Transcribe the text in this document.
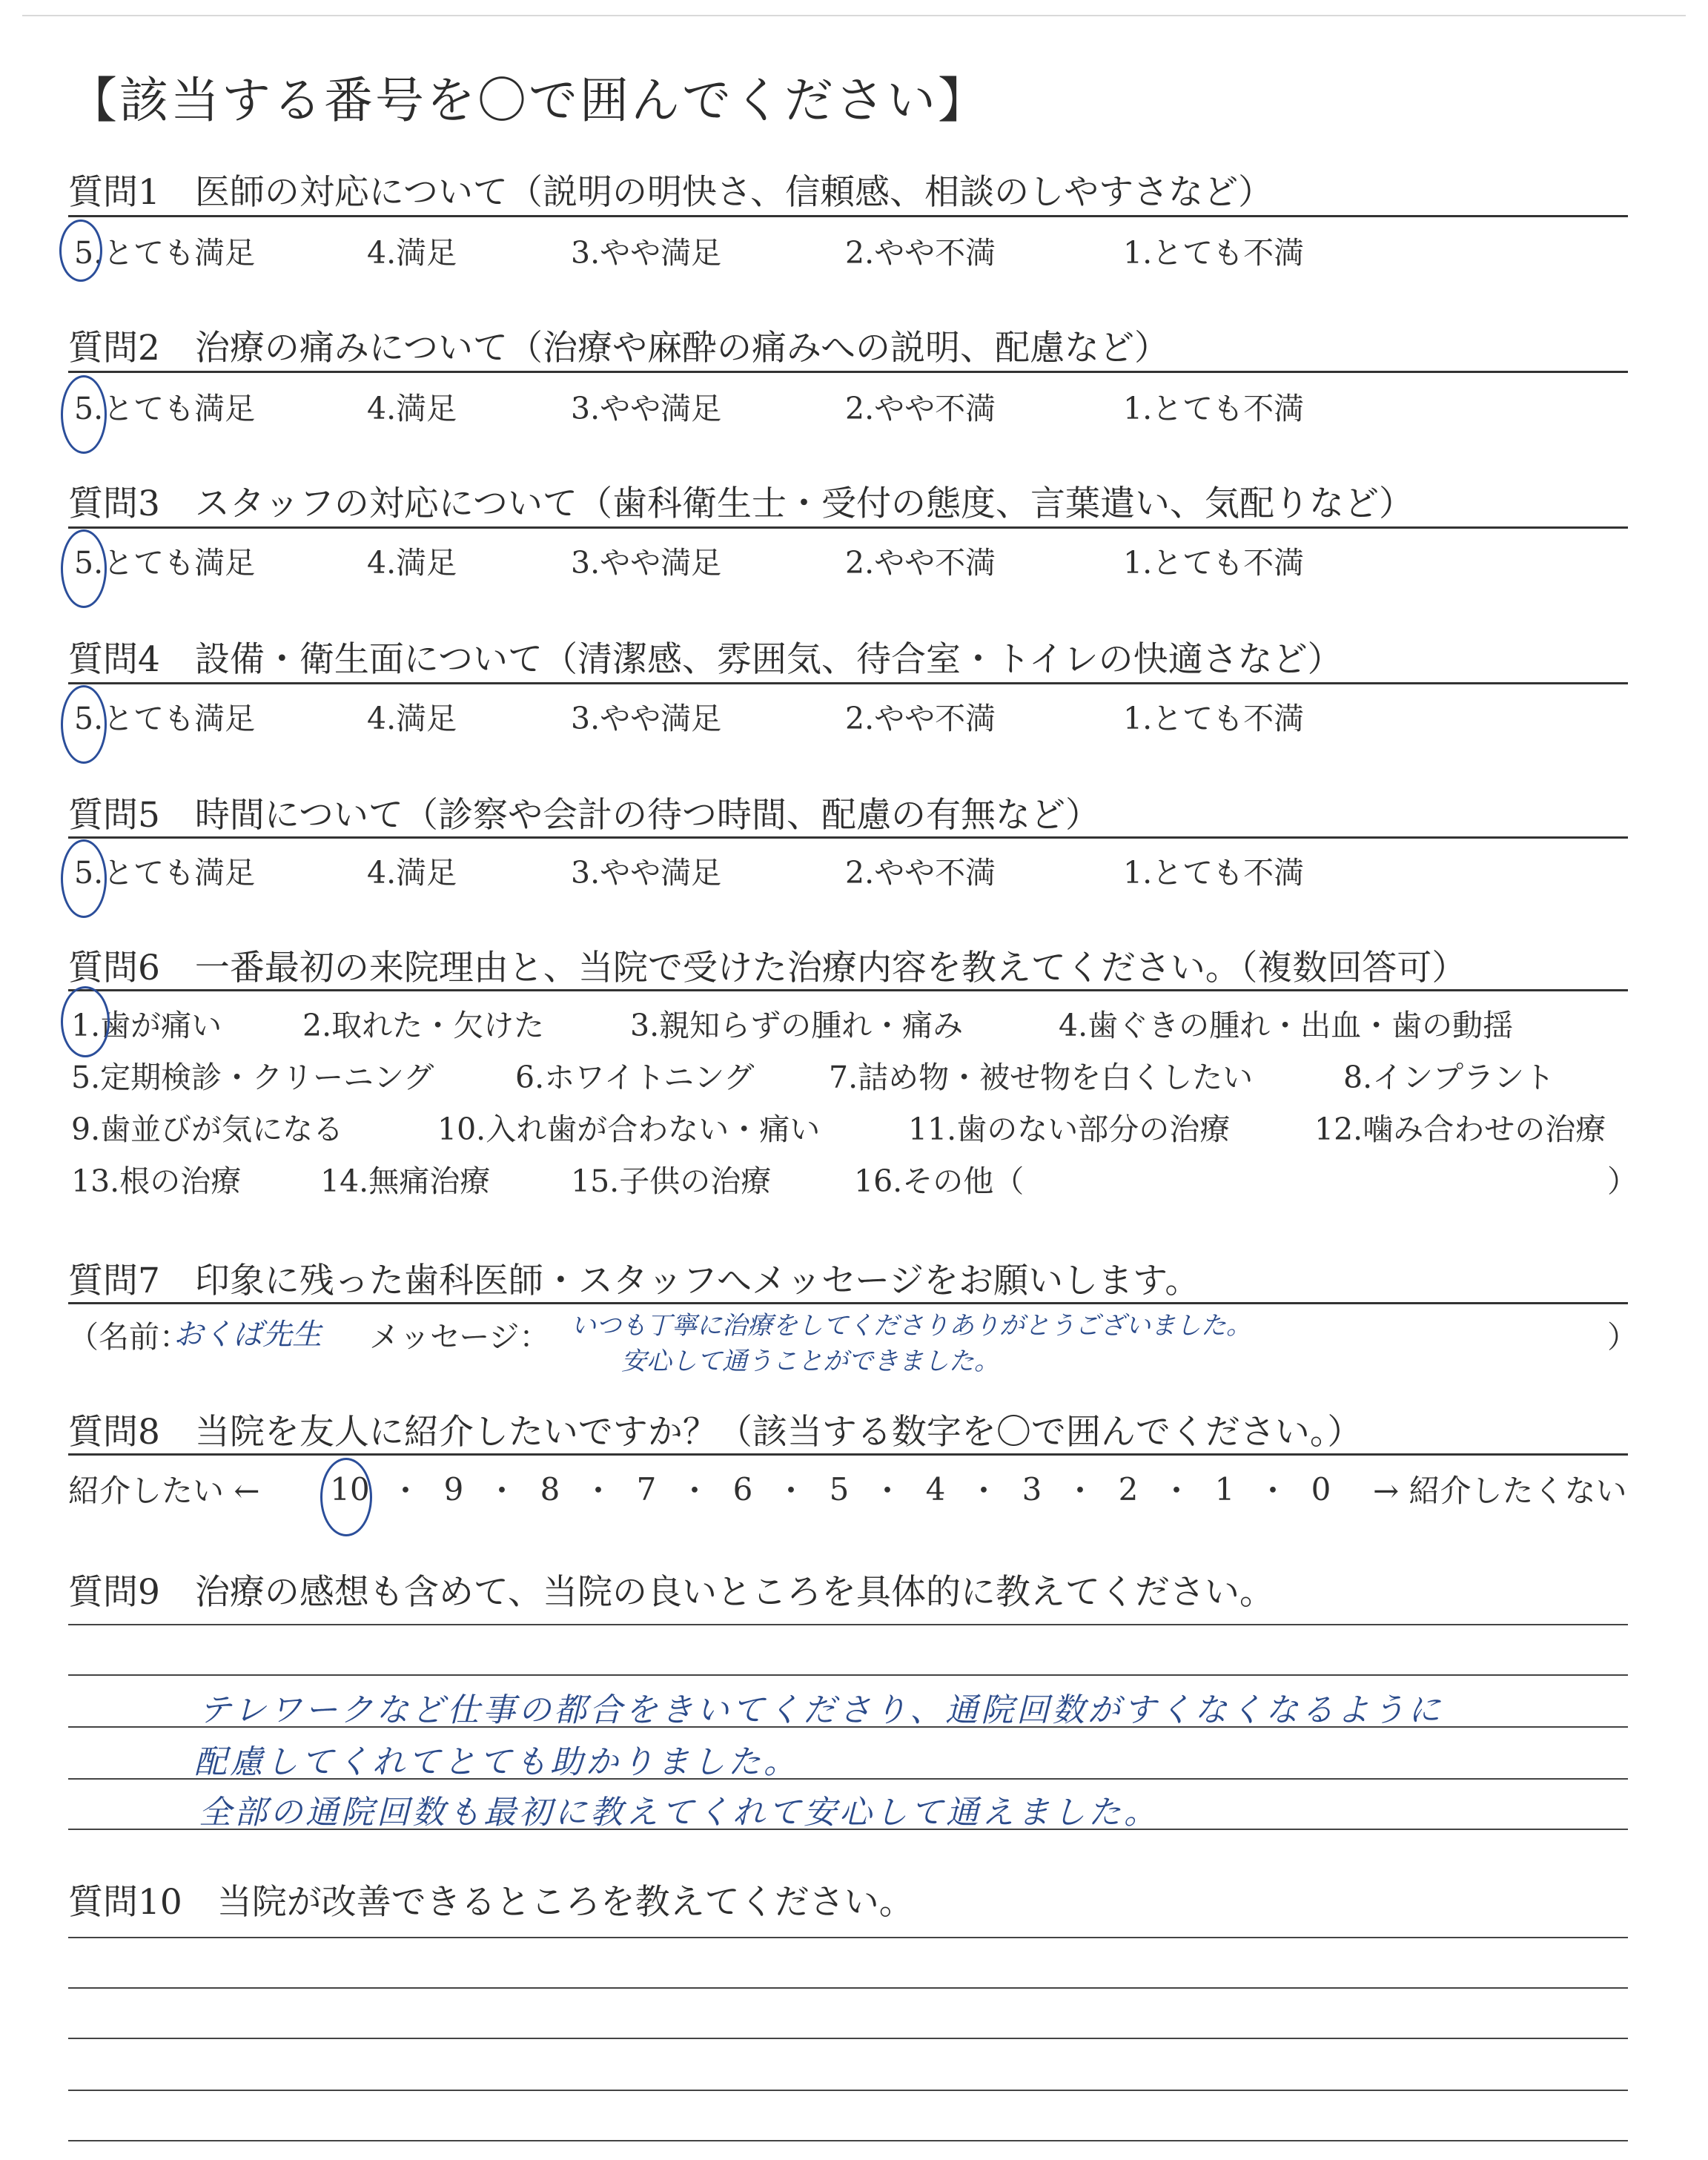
【該当する番号を〇で囲んでください】
質問1　医師の対応について（説明の明快さ、信頼感、相談のしやすさなど）
5.とても満足	4.満足	3.やや満足	2.やや不満	1.とても不満
質問2　治療の痛みについて（治療や麻酔の痛みへの説明、配慮など）
5.とても満足	4.満足	3.やや満足	2.やや不満	1.とても不満
質問3　スタッフの対応について（歯科衛生士・受付の態度、言葉遣い、気配りなど）
5.とても満足	4.満足	3.やや満足	2.やや不満	1.とても不満
質問4　設備・衛生面について（清潔感、雰囲気、待合室・トイレの快適さなど）
5.とても満足	4.満足	3.やや満足	2.やや不満	1.とても不満
質問5　時間について（診察や会計の待つ時間、配慮の有無など）
5.とても満足	4.満足	3.やや満足	2.やや不満	1.とても不満
質問6　一番最初の来院理由と、当院で受けた治療内容を教えてください。（複数回答可）
1.歯が痛い	2.取れた・欠けた	3.親知らずの腫れ・痛み	4.歯ぐきの腫れ・出血・歯の動揺
5.定期検診・クリーニング	6.ホワイトニング 7.詰め物・被せ物を白くしたい	8.インプラント
9.歯並びが気になる	10.入れ歯が合わない・痛い	11.歯のない部分の治療	12.噛み合わせの治療
13.根の治療	14.無痛治療	15.子供の治療	16.その他（	）
質問7　印象に残った歯科医師・スタッフへメッセージをお願いします。
（名前：
おくば先生 メッセージ： いつも丁寧に治療をしてくださりありがとうございました。
安心して通うことができました。
）
質問8　当院を友人に紹介したいですか？（該当する数字を〇で囲んでください。）
紹介したい ←	10 ・ 9 ・ 8 ・ 7 ・ 6 ・ 5 ・ 4 ・ 3 ・ 2 ・ 1 ・ 0	→ 紹介したくない
質問9　治療の感想も含めて、当院の良いところを具体的に教えてください。
テレワークなど仕事の都合をきいてくださり、通院回数がすくなくなるように
配慮してくれてとても助かりました。
全部の通院回数も最初に教えてくれて安心して通えました。
質問10　当院が改善できるところを教えてください。
